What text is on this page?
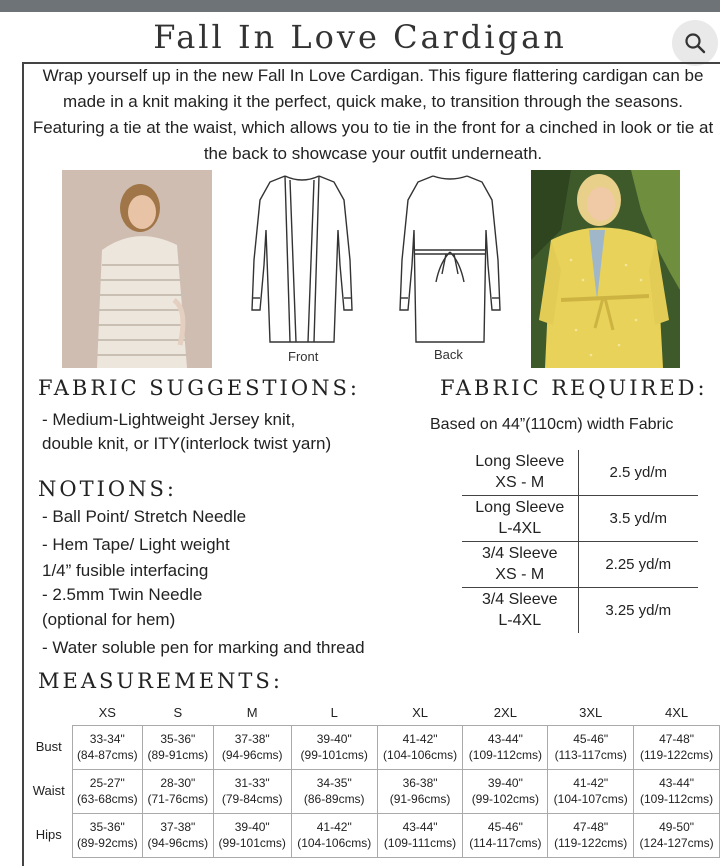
Fall In Love Cardigan
Wrap yourself up in the new Fall In Love Cardigan. This figure flattering cardigan can be made in a knit making it the perfect, quick make, to transition through the seasons. Featuring a tie at the waist, which allows you to tie in the front for a cinched in look or tie at the back to showcase your outfit underneath.
Front	Back
FABRIC SUGGESTIONS:	FABRIC REQUIRED:
- Medium-Lightweight Jersey knit,
double knit, or ITY(interlock twist yarn)
Based on 44”(110cm) width Fabric
Long Sleeve
XS - M	2.5 yd/m

Long Sleeve
L-4XL	3.5 yd/m

3/4 Sleeve
XS - M	2.25 yd/m

3/4 Sleeve
L-4XL	3.25 yd/m
NOTIONS:
- Ball Point/ Stretch Needle
- Hem Tape/ Light weight
1/4” fusible interfacing
- 2.5mm Twin Needle
(optional for hem)
- Water soluble pen for marking and thread
MEASUREMENTS:
	XS	S	M	L	XL	2XL	3XL	4XL
Bust	33-34"
(84-87cms)	35-36"
(89-91cms)	37-38"
(94-96cms)	39-40"
(99-101cms)	41-42"
(104-106cms)	43-44"
(109-112cms)	45-46"
(113-117cms)	47-48"
(119-122cms)

Waist	25-27"
(63-68cms)	28-30"
(71-76cms)	31-33"
(79-84cms)	34-35"
(86-89cms)	36-38"
(91-96cms)	39-40"
(99-102cms)	41-42"
(104-107cms)	43-44"
(109-112cms)

Hips	35-36"
(89-92cms)	37-38"
(94-96cms)	39-40"
(99-101cms)	41-42"
(104-106cms)	43-44"
(109-111cms)	45-46"
(114-117cms)	47-48"
(119-122cms)	49-50"
(124-127cms)
